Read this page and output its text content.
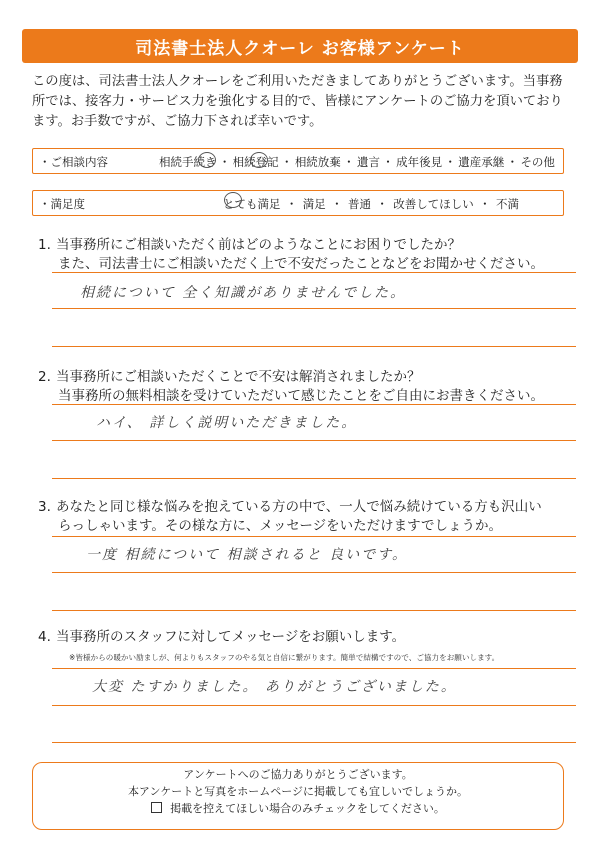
司法書士法人クオーレ お客様アンケート
この度は、司法書士法人クオーレをご利用いただきましてありがとうございます。当事務
所では、接客力・サービス力を強化する目的で、皆様にアンケートのご協力を頂いており
ます。お手数ですが、ご協力下されば幸いです。
・ご相談内容	相続手続き ・ 相続登記 ・ 相続放棄 ・ 遺言 ・ 成年後見 ・ 遺産承継 ・ その他
・満足度	とても満足 ・ 満足 ・ 普通 ・ 改善してほしい ・ 不満
1. 当事務所にご相談いただく前はどのようなことにお困りでしたか？
また、司法書士にご相談いただく上で不安だったことなどをお聞かせください。
相続について 全く知識がありませんでした。
2. 当事務所にご相談いただくことで不安は解消されましたか？
当事務所の無料相談を受けていただいて感じたことをご自由にお書きください。
ハイ、 詳しく説明いただきました。
3. あなたと同じ様な悩みを抱えている方の中で、一人で悩み続けている方も沢山い
らっしゃいます。その様な方に、メッセージをいただけますでしょうか。
一度 相続について 相談されると 良いです。
4. 当事務所のスタッフに対してメッセージをお願いします。
※皆様からの暖かい励ましが、何よりもスタッフのやる気と自信に繋がります。簡単で結構ですので、ご協力をお願いします。
大変 たすかりました。 ありがとうございました。
アンケートへのご協力ありがとうございます。
本アンケートと写真をホームページに掲載しても宜しいでしょうか。
掲載を控えてほしい場合のみチェックをしてください。
